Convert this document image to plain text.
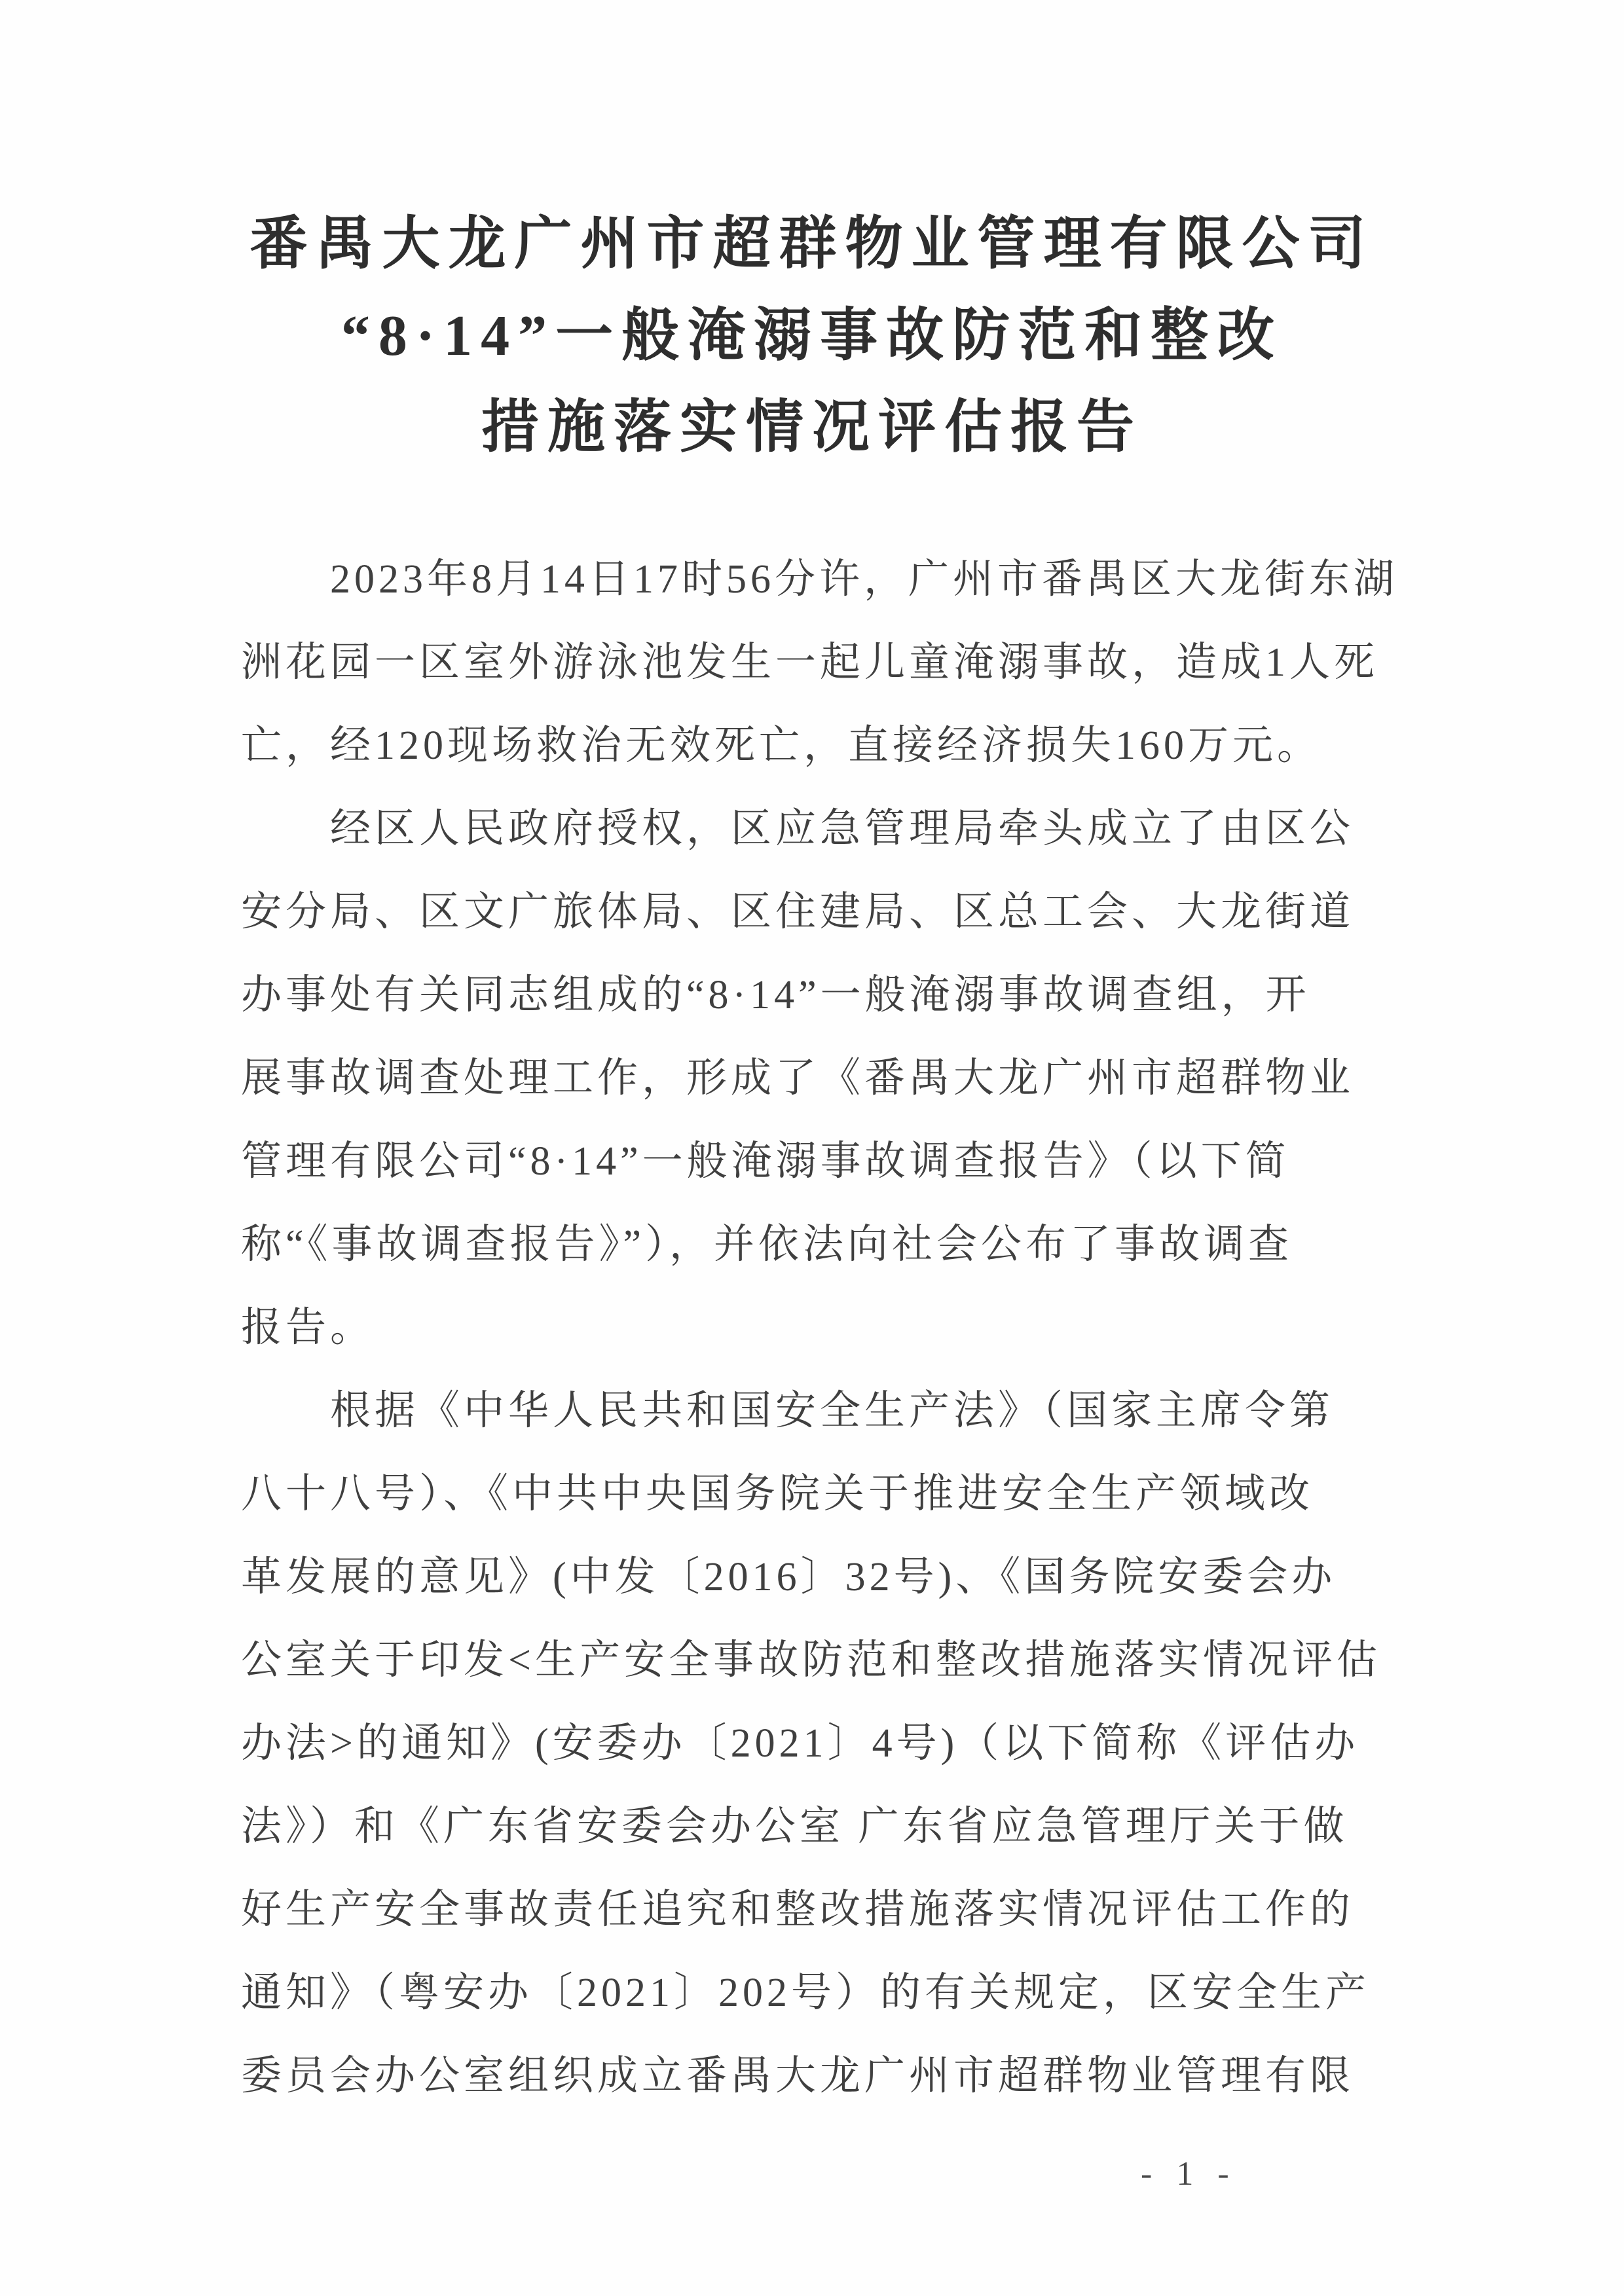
番禺大龙广州市超群物业管理有限公司
“8·14”一般淹溺事故防范和整改
措施落实情况评估报告
2023年8月14日17时56分许，广州市番禺区大龙街东湖
洲花园一区室外游泳池发生一起儿童淹溺事故，造成1人死
亡，经120现场救治无效死亡，直接经济损失160万元。
经区人民政府授权，区应急管理局牵头成立了由区公
安分局、区文广旅体局、区住建局、区总工会、大龙街道
办事处有关同志组成的“8·14”一般淹溺事故调查组，开
展事故调查处理工作，形成了《番禺大龙广州市超群物业
管理有限公司“8·14”一般淹溺事故调查报告》（以下简
称“《事故调查报告》”），并依法向社会公布了事故调查
报告。
根据《中华人民共和国安全生产法》（国家主席令第
八十八号）、《中共中央国务院关于推进安全生产领域改
革发展的意见》(中发〔2016〕32号)、《国务院安委会办
公室关于印发<生产安全事故防范和整改措施落实情况评估
办法>的通知》(安委办〔2021〕4号)（以下简称《评估办
法》）和《广东省安委会办公室 广东省应急管理厅关于做
好生产安全事故责任追究和整改措施落实情况评估工作的
通知》（粤安办〔2021〕202号）的有关规定，区安全生产
委员会办公室组织成立番禺大龙广州市超群物业管理有限
- 1 -
